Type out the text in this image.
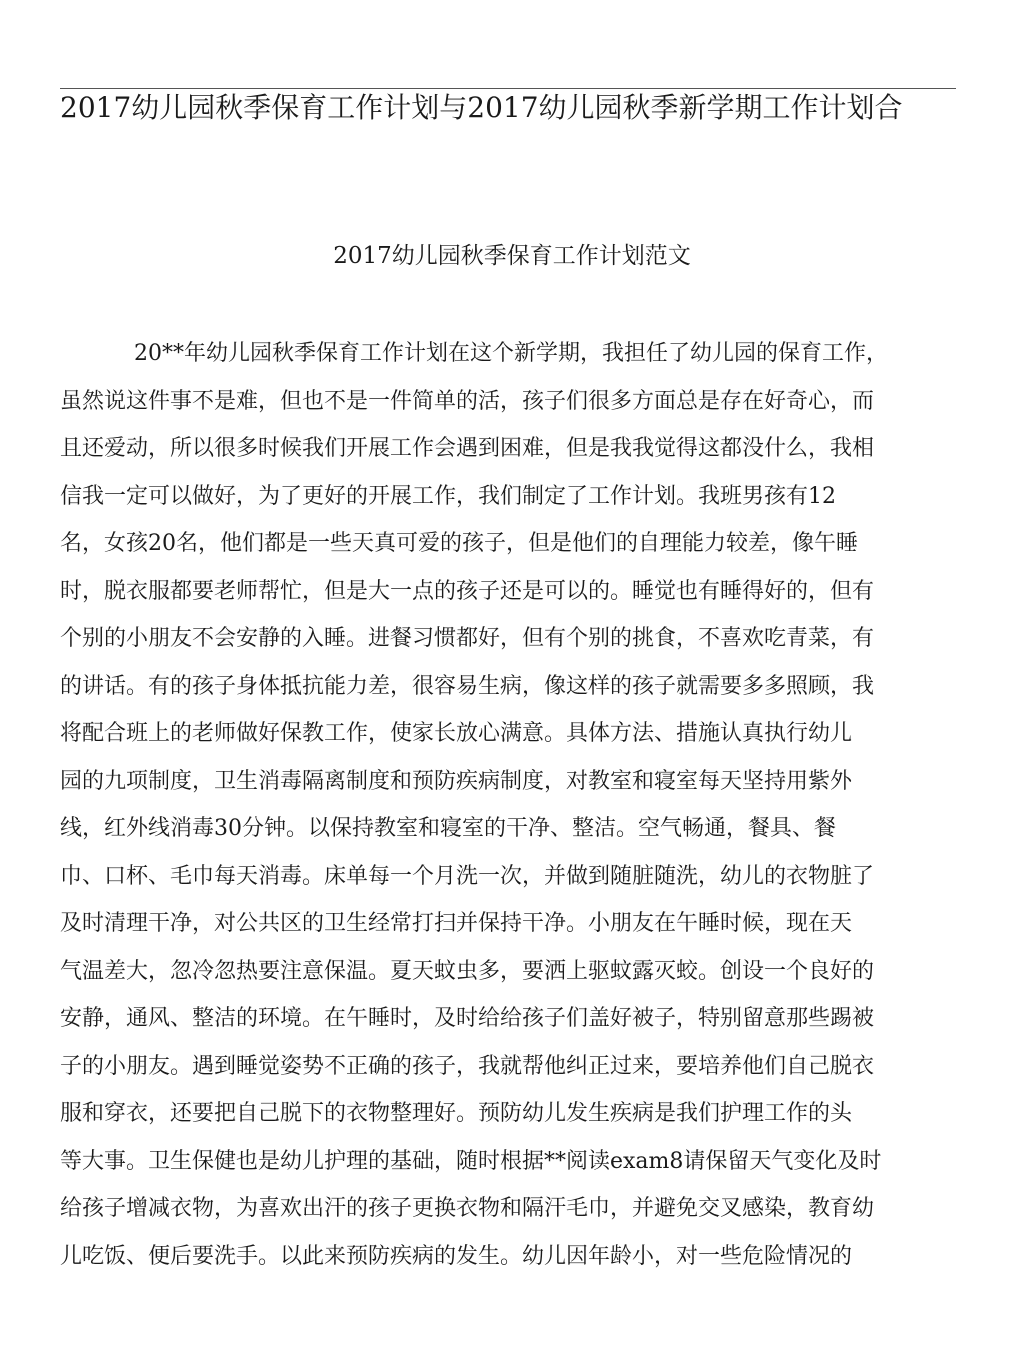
2017幼儿园秋季保育工作计划与2017幼儿园秋季新学期工作计划合
2017幼儿园秋季保育工作计划范文
20**年幼儿园秋季保育工作计划在这个新学期，我担任了幼儿园的保育工作，
虽然说这件事不是难，但也不是一件简单的活，孩子们很多方面总是存在好奇心，而
且还爱动，所以很多时候我们开展工作会遇到困难，但是我我觉得这都没什么，我相
信我一定可以做好，为了更好的开展工作，我们制定了工作计划。我班男孩有12
名，女孩20名，他们都是一些天真可爱的孩子，但是他们的自理能力较差，像午睡
时，脱衣服都要老师帮忙，但是大一点的孩子还是可以的。睡觉也有睡得好的，但有
个别的小朋友不会安静的入睡。进餐习惯都好，但有个别的挑食，不喜欢吃青菜，有
的讲话。有的孩子身体抵抗能力差，很容易生病，像这样的孩子就需要多多照顾，我
将配合班上的老师做好保教工作，使家长放心满意。具体方法、措施认真执行幼儿
园的九项制度，卫生消毒隔离制度和预防疾病制度，对教室和寝室每天坚持用紫外
线，红外线消毒30分钟。以保持教室和寝室的干净、整洁。空气畅通，餐具、餐
巾、口杯、毛巾每天消毒。床单每一个月洗一次，并做到随脏随洗，幼儿的衣物脏了
及时清理干净，对公共区的卫生经常打扫并保持干净。小朋友在午睡时候，现在天
气温差大，忽冷忽热要注意保温。夏天蚊虫多，要洒上驱蚊露灭蛟。创设一个良好的
安静，通风、整洁的环境。在午睡时，及时给给孩子们盖好被子，特别留意那些踢被
子的小朋友。遇到睡觉姿势不正确的孩子，我就帮他纠正过来，要培养他们自己脱衣
服和穿衣，还要把自己脱下的衣物整理好。预防幼儿发生疾病是我们护理工作的头
等大事。卫生保健也是幼儿护理的基础，随时根据**阅读exam8请保留天气变化及时
给孩子增减衣物，为喜欢出汗的孩子更换衣物和隔汗毛巾，并避免交叉感染，教育幼
儿吃饭、便后要洗手。以此来预防疾病的发生。幼儿因年龄小，对一些危险情况的
